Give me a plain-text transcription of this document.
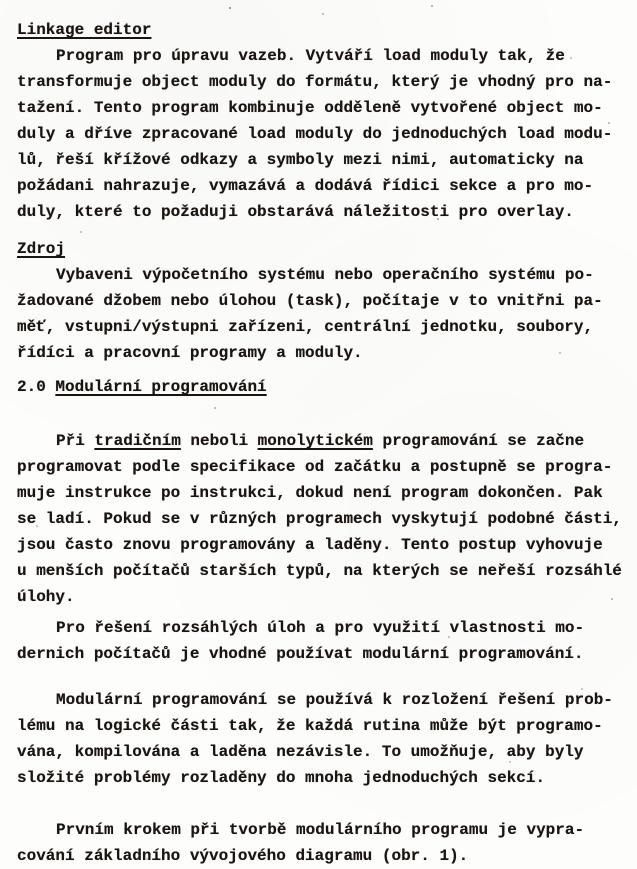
Linkage editor
Program pro úpravu vazeb. Vytváří load moduly tak, že
transformuje object moduly do formátu, který je vhodný pro na-
tažení. Tento program kombinuje odděleně vytvořené object mo-
duly a dříve zpracované load moduly do jednoduchých load modu-
lů, řeší křížové odkazy a symboly mezi nimi, automaticky na
požádani nahrazuje, vymazává a dodává řídici sekce a pro mo-
duly, které to požaduji obstarává náležitosti pro overlay.
Zdroj
Vybaveni výpočetního systému nebo operačního systému po-
žadované džobem nebo úlohou (task), počítaje v to vnitřni pa-
měť, vstupni/výstupni zařízeni, centrální jednotku, soubory,
řídíci a pracovní programy a moduly.
2.0 Modulární programování
Při tradičním neboli monolytickém programování se začne
programovat podle specifikace od začátku a postupně se progra-
muje instrukce po instrukci, dokud není program dokončen. Pak
se ladí. Pokud se v různých programech vyskytují podobné části,
jsou často znovu programovány a laděny. Tento postup vyhovuje
u menších počítačů starších typů, na kterých se neřeší rozsáhlé
úlohy.
Pro řešení rozsáhlých úloh a pro využití vlastnosti mo-
dernich počítačů je vhodné používat modulární programování.
Modulární programování se používá k rozložení řešení prob-
lému na logické části tak, že každá rutina může být programo-
vána, kompilována a laděna nezávisle. To umožňuje, aby byly
složité problémy rozladěny do mnoha jednoduchých sekcí.
Prvním krokem při tvorbě modulárního programu je vypra-
cování základního vývojového diagramu (obr. 1).
